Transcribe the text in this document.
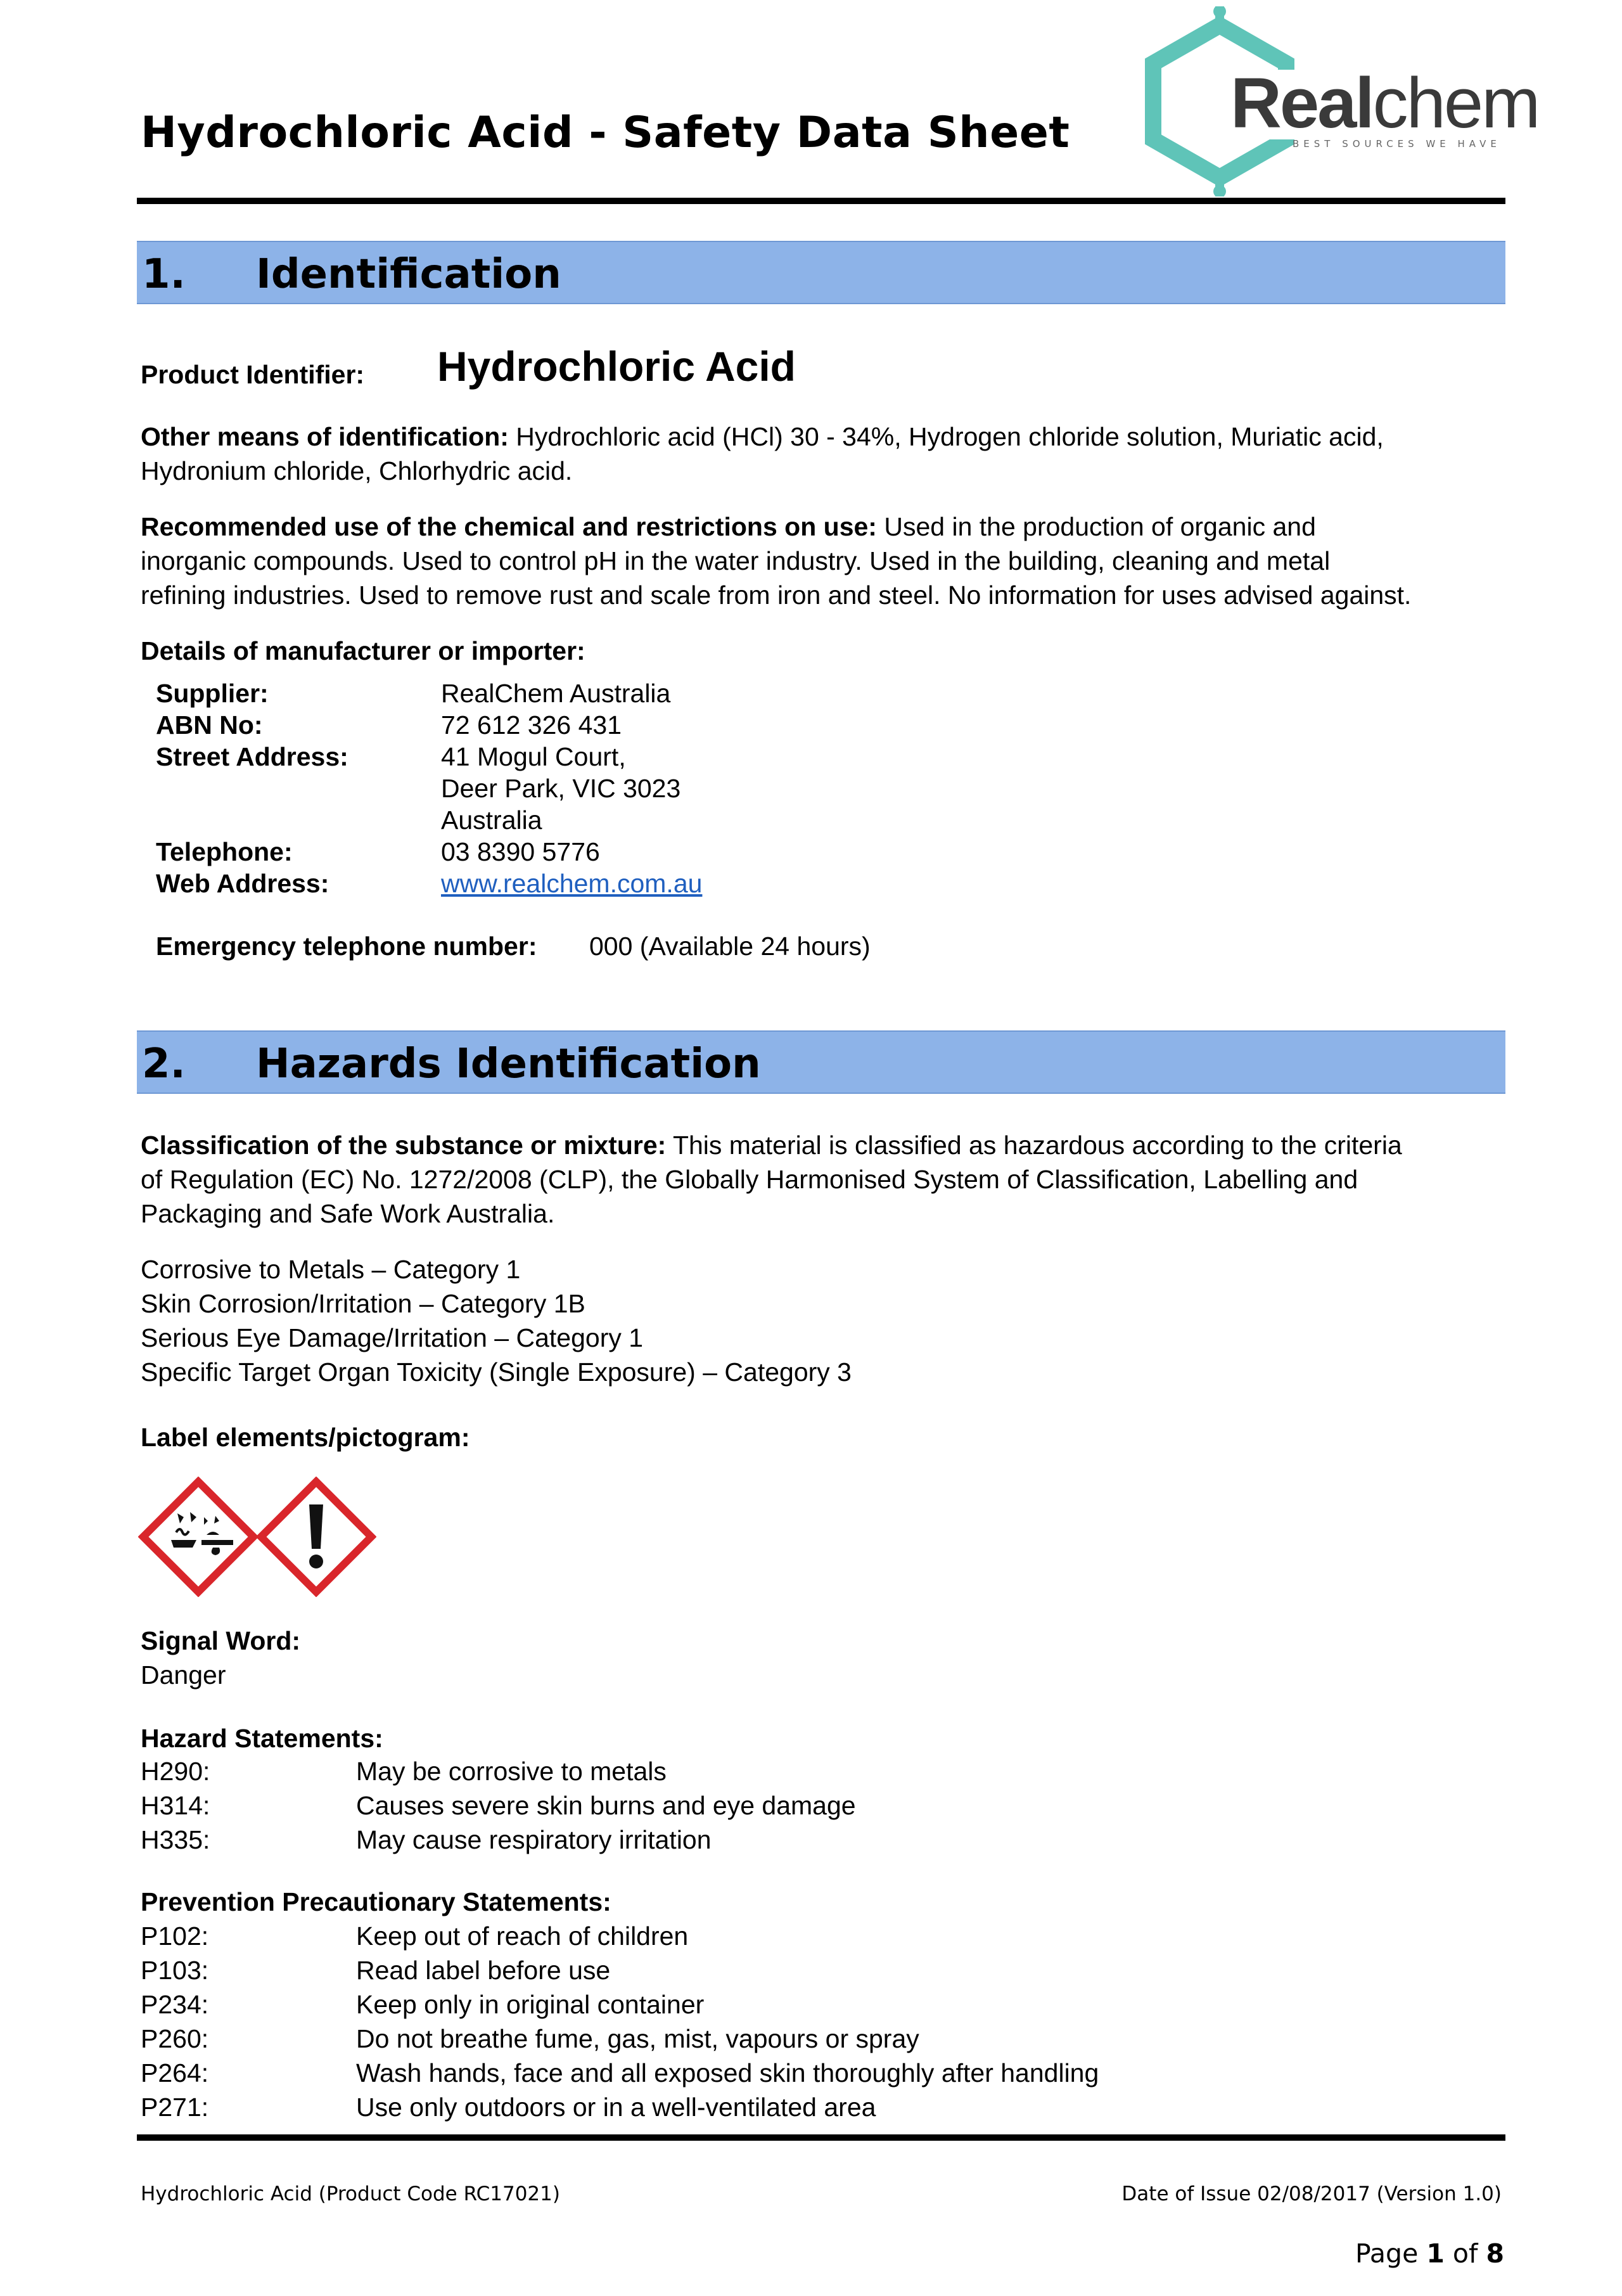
Hydrochloric Acid - Safety Data Sheet Realchem
BEST SOURCES WE HAVE
1. Identification
Product Identifier: Hydrochloric Acid
Other means of identification: Hydrochloric acid (HCl) 30 - 34%, Hydrogen chloride solution, Muriatic acid,
Hydronium chloride, Chlorhydric acid.
Recommended use of the chemical and restrictions on use: Used in the production of organic and
inorganic compounds. Used to control pH in the water industry. Used in the building, cleaning and metal
refining industries. Used to remove rust and scale from iron and steel. No information for uses advised against.
Details of manufacturer or importer:
Supplier:	RealChem Australia
ABN No:	72 612 326 431
Street Address:	41 Mogul Court,
Deer Park, VIC 3023
Australia
Telephone:	03 8390 5776
Web Address:	www.realchem.com.au
Emergency telephone number: 000 (Available 24 hours)
2. Hazards Identification
Classification of the substance or mixture: This material is classified as hazardous according to the criteria
of Regulation (EC) No. 1272/2008 (CLP), the Globally Harmonised System of Classification, Labelling and
Packaging and Safe Work Australia.
Corrosive to Metals – Category 1
Skin Corrosion/Irritation – Category 1B
Serious Eye Damage/Irritation – Category 1
Specific Target Organ Toxicity (Single Exposure) – Category 3
Label elements/pictogram:
Signal Word:
Danger
Hazard Statements:
H290:	May be corrosive to metals
H314:	Causes severe skin burns and eye damage
H335:	May cause respiratory irritation
Prevention Precautionary Statements:
P102:	Keep out of reach of children
P103:	Read label before use
P234:	Keep only in original container
P260:	Do not breathe fume, gas, mist, vapours or spray
P264:	Wash hands, face and all exposed skin thoroughly after handling
P271:	Use only outdoors or in a well-ventilated area
Hydrochloric Acid (Product Code RC17021)	Date of Issue 02/08/2017 (Version 1.0)
Page 1 of 8
